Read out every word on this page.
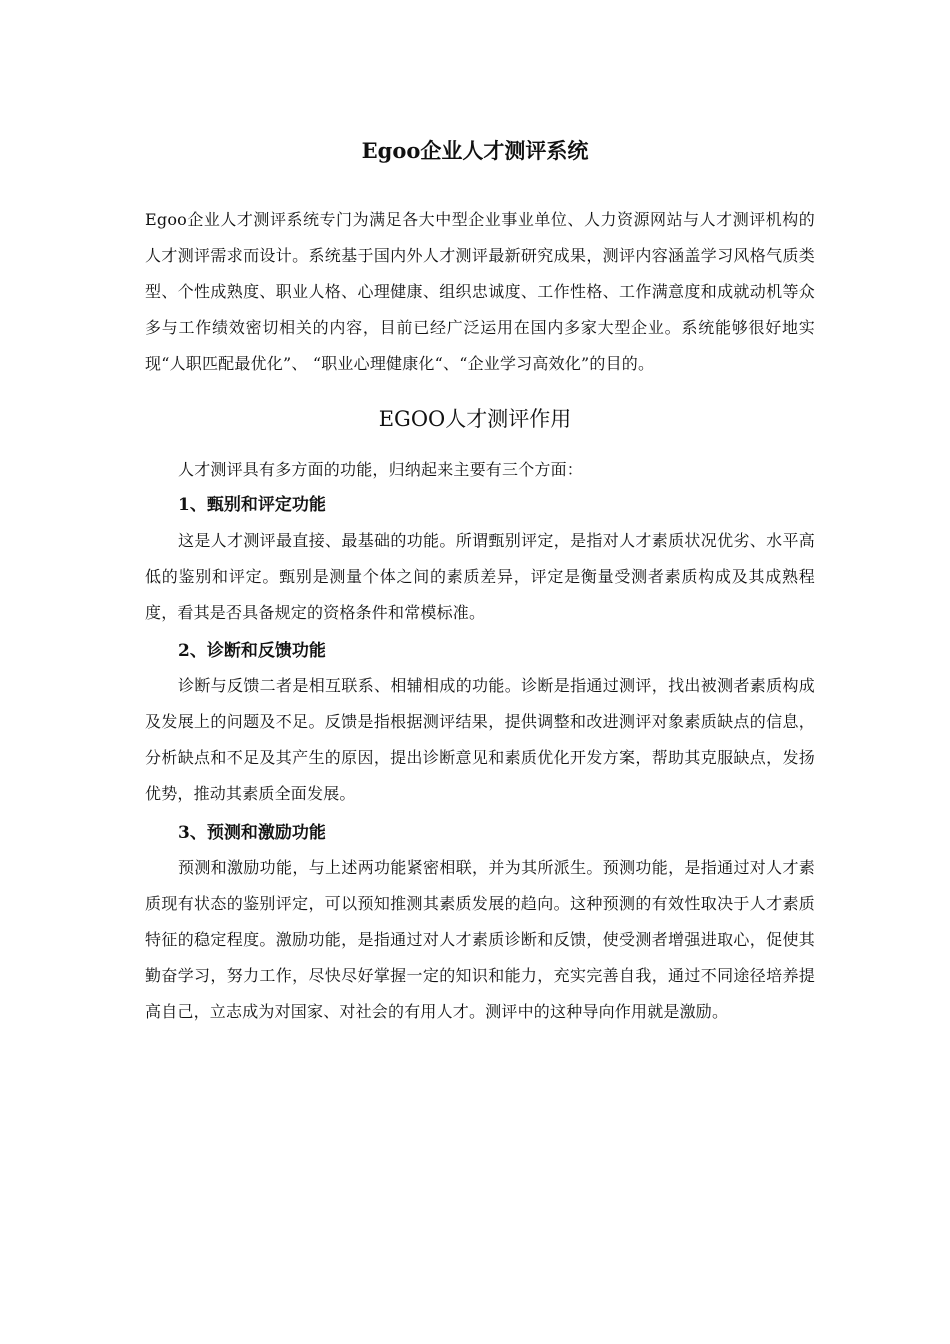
Egoo企业人才测评系统

Egoo企业人才测评系统专门为满足各大中型企业事业单位、人力资源网站与人才测评机构的人才测评需求而设计。系统基于国内外人才测评最新研究成果，测评内容涵盖学习风格气质类型、个性成熟度、职业人格、心理健康、组织忠诚度、工作性格、工作满意度和成就动机等众多与工作绩效密切相关的内容，目前已经广泛运用在国内多家大型企业。系统能够很好地实现“人职匹配最优化”、 “职业心理健康化“、“企业学习高效化”的目的。

EGOO人才测评作用

人才测评具有多方面的功能，归纳起来主要有三个方面：

1、甄别和评定功能

这是人才测评最直接、最基础的功能。所谓甄别评定，是指对人才素质状况优劣、水平高低的鉴别和评定。甄别是测量个体之间的素质差异，评定是衡量受测者素质构成及其成熟程度，看其是否具备规定的资格条件和常模标准。

2、诊断和反馈功能

诊断与反馈二者是相互联系、相辅相成的功能。诊断是指通过测评，找出被测者素质构成及发展上的问题及不足。反馈是指根据测评结果，提供调整和改进测评对象素质缺点的信息，分析缺点和不足及其产生的原因，提出诊断意见和素质优化开发方案，帮助其克服缺点，发扬优势，推动其素质全面发展。

3、预测和激励功能

预测和激励功能，与上述两功能紧密相联，并为其所派生。预测功能，是指通过对人才素质现有状态的鉴别评定，可以预知推测其素质发展的趋向。这种预测的有效性取决于人才素质特征的稳定程度。激励功能，是指通过对人才素质诊断和反馈，使受测者增强进取心，促使其勤奋学习，努力工作，尽快尽好掌握一定的知识和能力，充实完善自我，通过不同途径培养提高自己，立志成为对国家、对社会的有用人才。测评中的这种导向作用就是激励。
